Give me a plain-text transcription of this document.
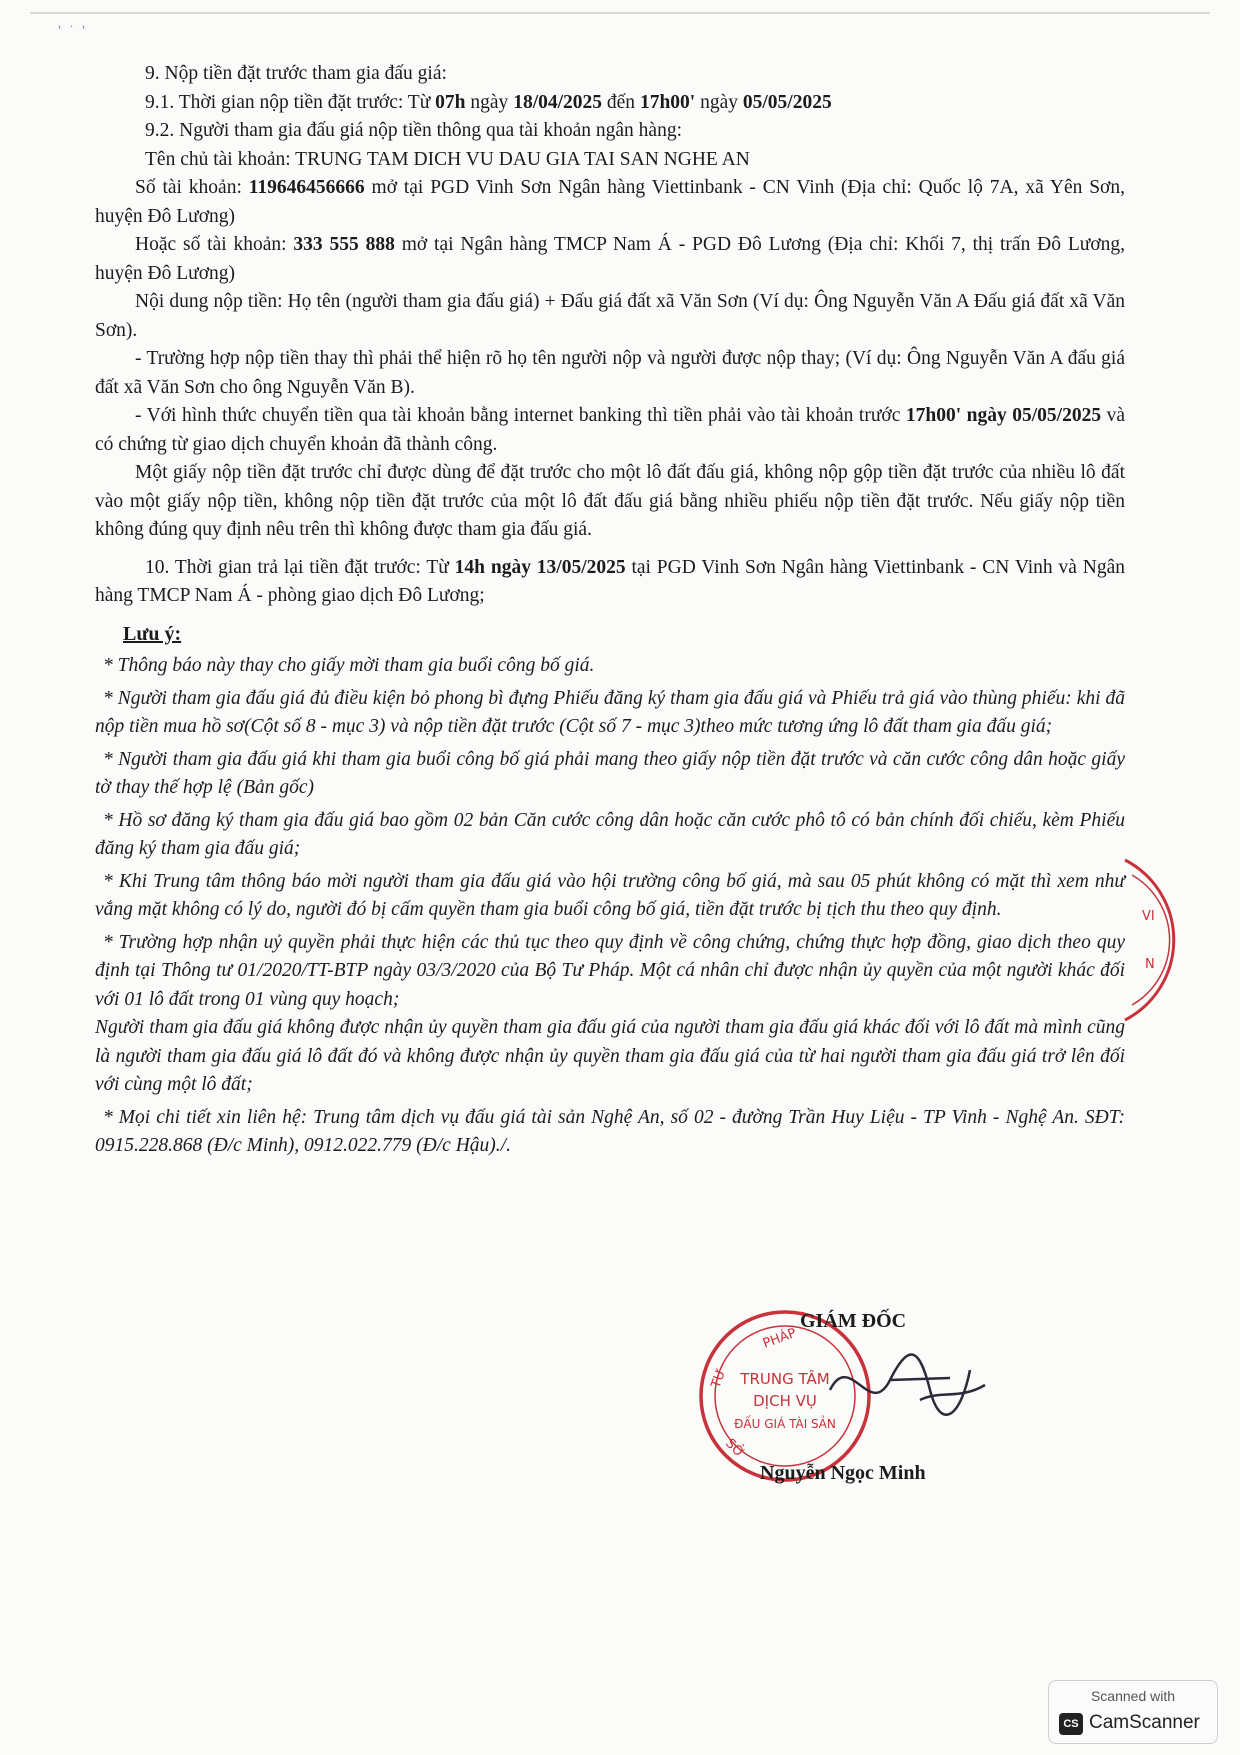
, . ,

9. Nộp tiền đặt trước tham gia đấu giá:

9.1. Thời gian nộp tiền đặt trước: Từ 07h ngày 18/04/2025 đến 17h00' ngày 05/05/2025

9.2. Người tham gia đấu giá nộp tiền thông qua tài khoản ngân hàng:

Tên chủ tài khoản: TRUNG TAM DICH VU DAU GIA TAI SAN NGHE AN

Số tài khoản: 119646456666 mở tại PGD Vinh Sơn Ngân hàng Viettinbank - CN Vinh (Địa chỉ: Quốc lộ 7A, xã Yên Sơn, huyện Đô Lương)

Hoặc số tài khoản: 333 555 888 mở tại Ngân hàng TMCP Nam Á - PGD Đô Lương (Địa chỉ: Khối 7, thị trấn Đô Lương, huyện Đô Lương)

Nội dung nộp tiền: Họ tên (người tham gia đấu giá) + Đấu giá đất xã Văn Sơn (Ví dụ: Ông Nguyễn Văn A Đấu giá đất xã Văn Sơn).

- Trường hợp nộp tiền thay thì phải thể hiện rõ họ tên người nộp và người được nộp thay; (Ví dụ: Ông Nguyễn Văn A đấu giá đất xã Văn Sơn cho ông Nguyễn Văn B).

- Với hình thức chuyển tiền qua tài khoản bằng internet banking thì tiền phải vào tài khoản trước 17h00' ngày 05/05/2025 và có chứng từ giao dịch chuyển khoản đã thành công.

Một giấy nộp tiền đặt trước chỉ được dùng để đặt trước cho một lô đất đấu giá, không nộp gộp tiền đặt trước của nhiều lô đất vào một giấy nộp tiền, không nộp tiền đặt trước của một lô đất đấu giá bằng nhiều phiếu nộp tiền đặt trước. Nếu giấy nộp tiền không đúng quy định nêu trên thì không được tham gia đấu giá.

10. Thời gian trả lại tiền đặt trước: Từ 14h ngày 13/05/2025 tại PGD Vinh Sơn Ngân hàng Viettinbank - CN Vinh và Ngân hàng TMCP Nam Á - phòng giao dịch Đô Lương;

Lưu ý:

* Thông báo này thay cho giấy mời tham gia buổi công bố giá.

* Người tham gia đấu giá đủ điều kiện bỏ phong bì đựng Phiếu đăng ký tham gia đấu giá và Phiếu trả giá vào thùng phiếu: khi đã nộp tiền mua hồ sơ(Cột số 8 - mục 3) và nộp tiền đặt trước (Cột số 7 - mục 3)theo mức tương ứng lô đất tham gia đấu giá;

* Người tham gia đấu giá khi tham gia buổi công bố giá phải mang theo giấy nộp tiền đặt trước và căn cước công dân hoặc giấy tờ thay thế hợp lệ (Bản gốc)

* Hồ sơ đăng ký tham gia đấu giá bao gồm 02 bản Căn cước công dân hoặc căn cước phô tô có bản chính đối chiếu, kèm Phiếu đăng ký tham gia đấu giá;

* Khi Trung tâm thông báo mời người tham gia đấu giá vào hội trường công bố giá, mà sau 05 phút không có mặt thì xem như vắng mặt không có lý do, người đó bị cấm quyền tham gia buổi công bố giá, tiền đặt trước bị tịch thu theo quy định.

* Trường hợp nhận uỷ quyền phải thực hiện các thủ tục theo quy định về công chứng, chứng thực hợp đồng, giao dịch theo quy định tại Thông tư 01/2020/TT-BTP ngày 03/3/2020 của Bộ Tư Pháp. Một cá nhân chỉ được nhận ủy quyền của một người khác đối với 01 lô đất trong 01 vùng quy hoạch;

Người tham gia đấu giá không được nhận ủy quyền tham gia đấu giá của người tham gia đấu giá khác đối với lô đất mà mình cũng là người tham gia đấu giá lô đất đó và không được nhận ủy quyền tham gia đấu giá của từ hai người tham gia đấu giá trở lên đối với cùng một lô đất;

* Mọi chi tiết xin liên hệ: Trung tâm dịch vụ đấu giá tài sản Nghệ An, số 02 - đường Trần Huy Liệu - TP Vinh - Nghệ An. SĐT: 0915.228.868 (Đ/c Minh), 0912.022.779 (Đ/c Hậu)./.

VI
N
PHÁP
TƯ
SỞ
TRUNG TÂM
DỊCH VỤ
ĐẤU GIÁ TÀI SẢN
GIÁM ĐỐC
Nguyễn Ngọc Minh
Scanned with
CS CamScanner
